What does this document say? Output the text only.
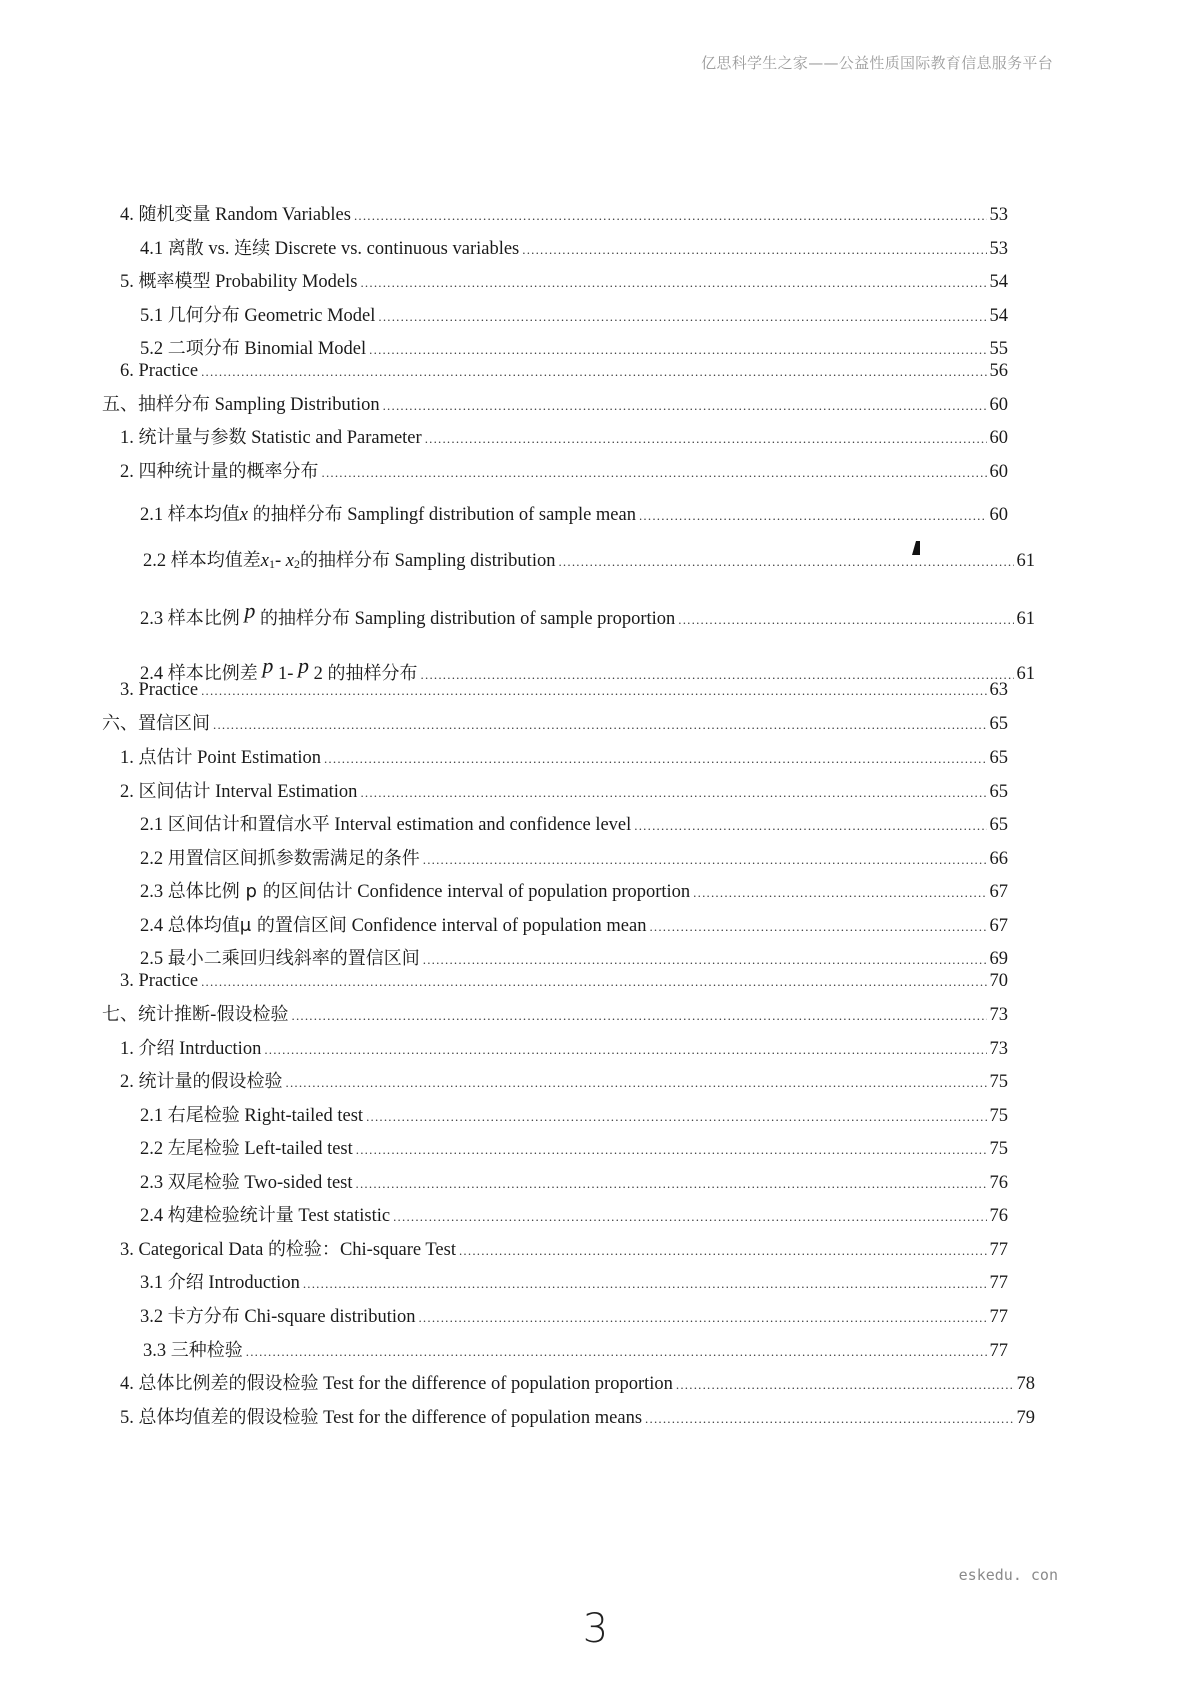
亿思科学生之家——公益性质国际教育信息服务平台
4. 随机变量 Random Variables .....	53
4.1 离散 vs. 连续 Discrete vs. continuous variables .....	53
5. 概率模型 Probability Models .....	54
5.1 几何分布 Geometric Model .....	54
5.2 二项分布 Binomial Model .....	55
6. Practice .....	56
五、抽样分布 Sampling Distribution .....	60
1. 统计量与参数 Statistic and Parameter .....	60
2. 四种统计量的概率分布 .....	60
2.1 样本均值x 的抽样分布 Samplingf distribution of sample mean .....	60
2.2 样本均值差x1- x2的抽样分布 Sampling distribution .....	61
2.3 样本比例 p 的抽样分布 Sampling distribution of sample proportion .....	61
2.4 样本比例差 p 1- p 2 的抽样分布 .....	61
3. Practice .....	63
六、置信区间 .....	65
1. 点估计 Point Estimation .....	65
2. 区间估计 Interval Estimation .....	65
2.1 区间估计和置信水平 Interval estimation and confidence level .....	65
2.2 用置信区间抓参数需满足的条件 .....	66
2.3 总体比例 p 的区间估计 Confidence interval of population proportion .....	67
2.4 总体均值μ 的置信区间 Confidence interval of population mean .....	67
2.5 最小二乘回归线斜率的置信区间 .....	69
3. Practice .....	70
七、统计推断-假设检验 .....	73
1. 介绍 Intrduction .....	73
2. 统计量的假设检验 .....	75
2.1 右尾检验 Right-tailed test .....	75
2.2 左尾检验 Left-tailed test .....	75
2.3 双尾检验 Two-sided test .....	76
2.4 构建检验统计量 Test statistic .....	76
3. Categorical Data 的检验：Chi-square Test .....	77
3.1 介绍 Introduction .....	77
3.2 卡方分布 Chi-square distribution .....	77
3.3 三种检验 .....	77
4. 总体比例差的假设检验 Test for the difference of population proportion .....	78
5. 总体均值差的假设检验 Test for the difference of population means .....	79
eskedu. con
3
